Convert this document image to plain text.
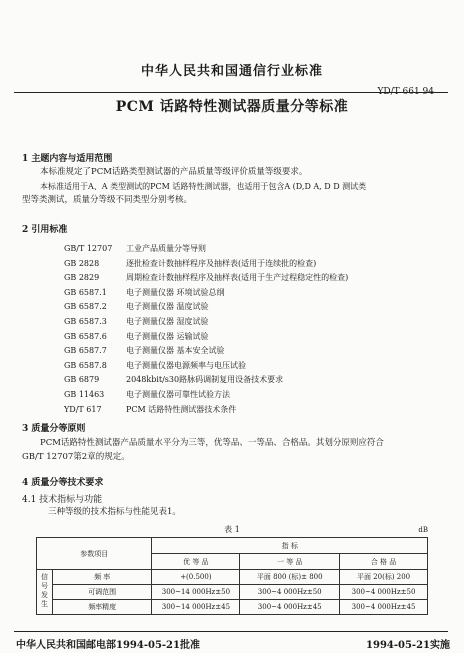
中华人民共和国通信行业标准
YD/T 661 94
PCM 话路特性测试器质量分等标准
1 主题内容与适用范围
本标准规定了PCM话路类型测试器的产品质量等级评价质量等级要求。
本标准适用于A、A 类型测试的PCM 话路特性测试器，也适用于包含A (D,D A, D D 测试类
型等类测试，质量分等级不同类型分别考核。
2 引用标准
GB/T 12707 工业产品质量分等导则
GB 2828	逐批检查计数抽样程序及抽样表(适用于连续批的检查)
GB 2829	周期检查计数抽样程序及抽样表(适用于生产过程稳定性的检查)
GB 6587.1 电子测量仪器 环境试验总纲
GB 6587.2 电子测量仪器 温度试验
GB 6587.3 电子测量仪器 湿度试验
GB 6587.6 电子测量仪器 运输试验
GB 6587.7 电子测量仪器 基本安全试验
GB 6587.8 电子测量仪器电源频率与电压试验
GB 6879	2048kbit/s30路脉码调制复用设备技术要求
GB 11463	电子测量仪器可靠性试验方法
YD/T 617	PCM 话路特性测试器技术条件
3 质量分等原则
PCM话路特性测试器产品质量水平分为三等，优等品、一等品、合格品。其划分原则应符合
GB/T 12707第2章的规定。
4 质量分等技术要求
4.1 技术指标与功能
三种等级的技术指标与性能见表1。
表 1	dB
参数项目		指 标		
		优 等 品	一 等 品	合 格 品
信号发生	频 率	+(0.500)	平面 800 (标)± 800	平面 20(标) 200
	可调范围	300~14 000Hz±50	300~4 000Hz±50	300~4 000Hz±50
	频率精度	300~14 000Hz±45	300~4 000Hz±45	300~4 000Hz±45
中华人民共和国邮电部1994-05-21批准	1994-05-21实施
